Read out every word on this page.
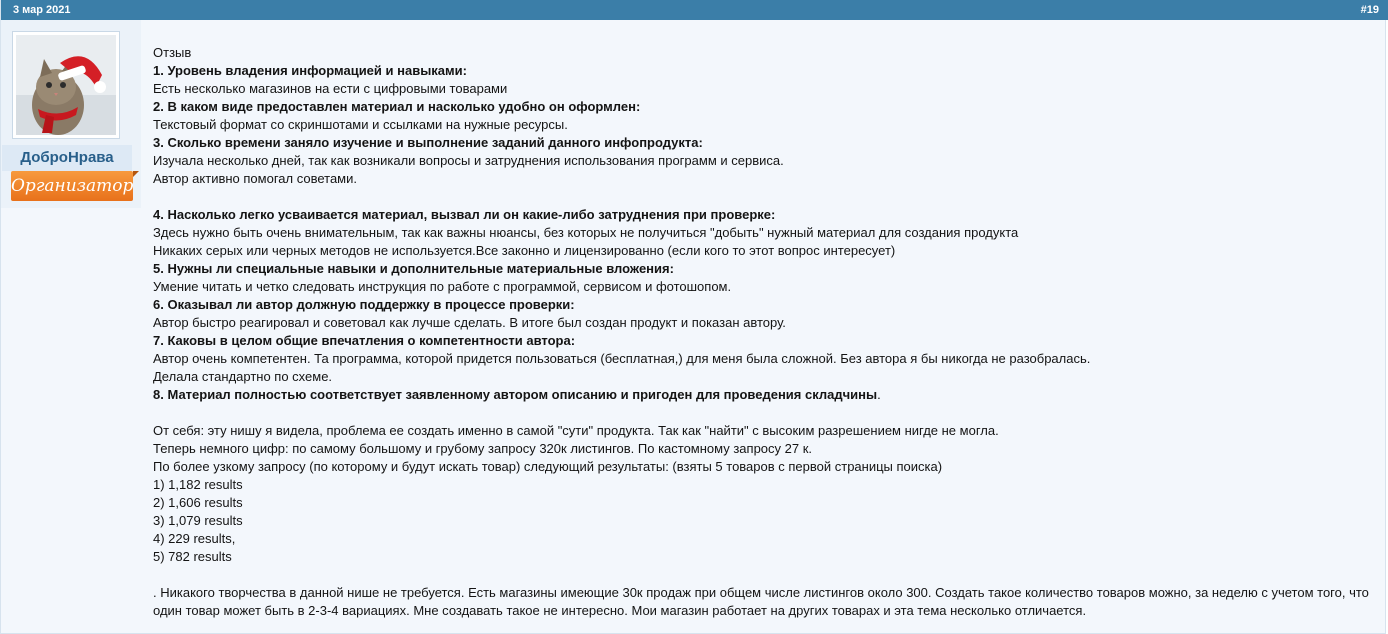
3 мар 2021	#19
ДоброНрава
Организатор

Отзыв

1. Уровень владения информацией и навыками:

Есть несколько магазинов на ести с цифровыми товарами

2. В каком виде предоставлен материал и насколько удобно он оформлен:

Текстовый формат со скриншотами и ссылками на нужные ресурсы.

3. Сколько времени заняло изучение и выполнение заданий данного инфопродукта:

Изучала несколько дней, так как возникали вопросы и затруднения использования программ и сервиса.

Автор активно помогал советами.

4. Насколько легко усваивается материал, вызвал ли он какие-либо затруднения при проверке:

Здесь нужно быть очень внимательным, так как важны нюансы, без которых не получиться "добыть" нужный материал для создания продукта

Никаких серых или черных методов не используется.Все законно и лицензированно (если кого то этот вопрос интересует)

5. Нужны ли специальные навыки и дополнительные материальные вложения:

Умение читать и четко следовать инструкция по работе с программой, сервисом и фотошопом.

6. Оказывал ли автор должную поддержку в процессе проверки:

Автор быстро реагировал и советовал как лучше сделать. В итоге был создан продукт и показан автору.

7. Каковы в целом общие впечатления о компетентности автора:

Автор очень компетентен. Та программа, которой придется пользоваться (бесплатная,) для меня была сложной. Без автора я бы никогда не разобралась.

Делала стандартно по схеме.

8. Материал полностью соответствует заявленному автором описанию и пригоден для проведения складчины.

От себя: эту нишу я видела, проблема ее создать именно в самой "сути" продукта. Так как "найти" с высоким разрешением нигде не могла.

Теперь немного цифр: по самому большому и грубому запросу 320к листингов. По кастомному запросу 27 к.

По более узкому запросу (по которому и будут искать товар) следующий результаты: (взяты 5 товаров с первой страницы поиска)

1) 1,182 results

2) 1,606 results

3) 1,079 results

4) 229 results,

5) 782 results

. Никакого творчества в данной нише не требуется. Есть магазины имеющие 30к продаж при общем числе листингов около 300. Создать такое количество товаров можно, за неделю с учетом того, что

один товар может быть в 2-3-4 вариациях. Мне создавать такое не интересно. Мои магазин работает на других товарах и эта тема несколько отличается.
